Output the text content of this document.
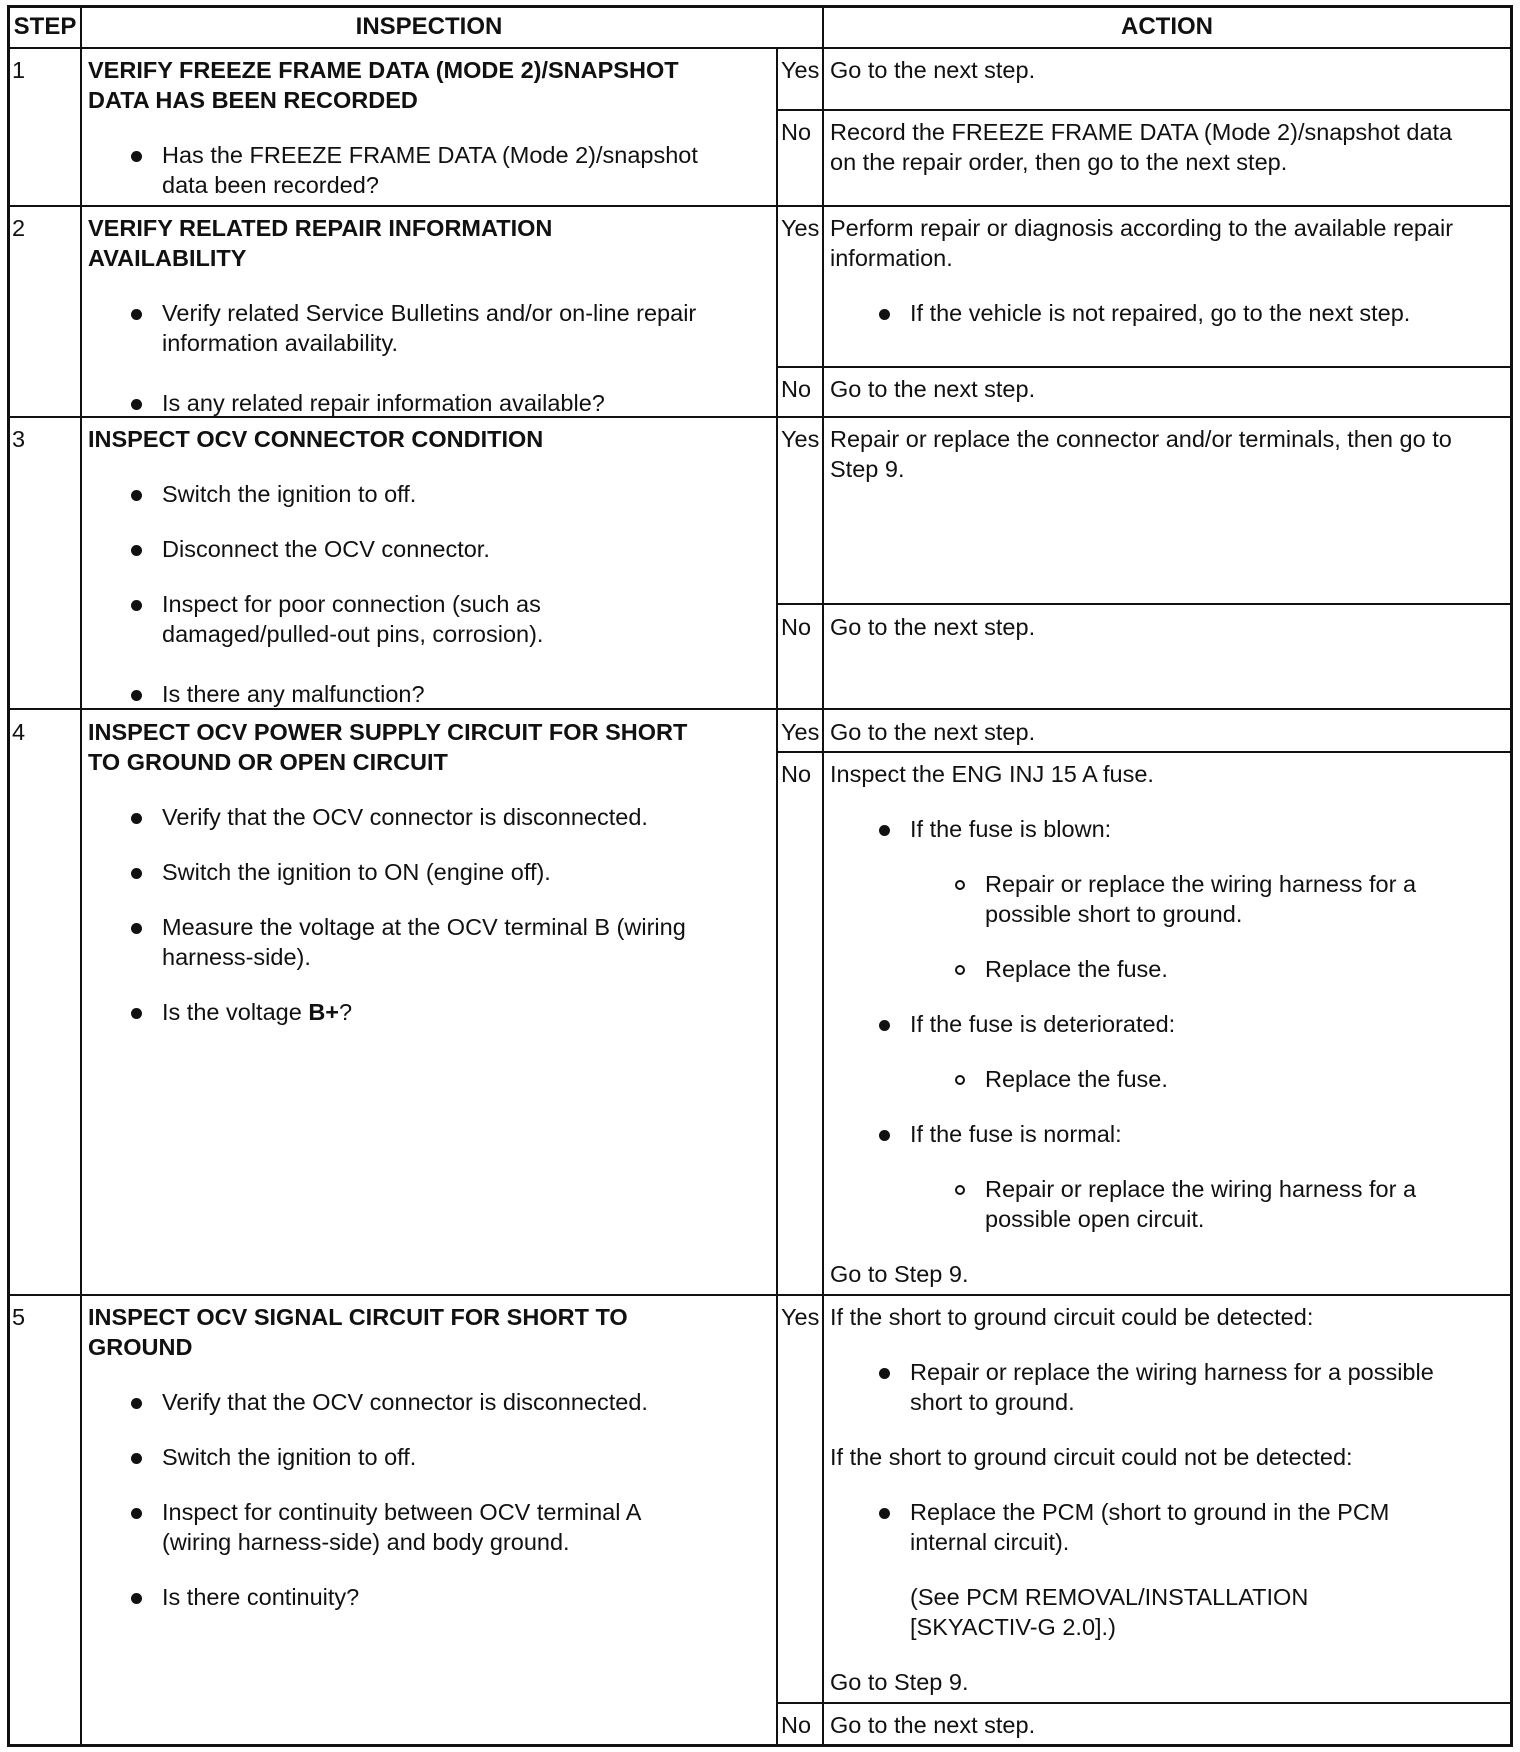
STEP	INSPECTION	ACTION
1	VERIFY FREEZE FRAME DATA (MODE 2)/SNAPSHOT
DATA HAS BEEN RECORDED
Has the FREEZE FRAME DATA (Mode 2)/snapshot
data been recorded?
Yes Go to the next step.
No Record the FREEZE FRAME DATA (Mode 2)/snapshot data
on the repair order, then go to the next step.
2	VERIFY RELATED REPAIR INFORMATION
AVAILABILITY
Verify related Service Bulletins and/or on-line repair
information availability.
Is any related repair information available?
Yes Perform repair or diagnosis according to the available repair
information.
If the vehicle is not repaired, go to the next step.
No Go to the next step.
3	INSPECT OCV CONNECTOR CONDITION
Switch the ignition to off.
Disconnect the OCV connector.
Inspect for poor connection (such as
damaged/pulled-out pins, corrosion).
Is there any malfunction?
Yes Repair or replace the connector and/or terminals, then go to
Step 9.
No Go to the next step.
4	INSPECT OCV POWER SUPPLY CIRCUIT FOR SHORT
TO GROUND OR OPEN CIRCUIT
Verify that the OCV connector is disconnected.
Switch the ignition to ON (engine off).
Measure the voltage at the OCV terminal B (wiring
harness-side).
Is the voltage B+?
Yes Go to the next step.
No Inspect the ENG INJ 15 A fuse.
If the fuse is blown:
Repair or replace the wiring harness for a
possible short to ground.
Replace the fuse.
If the fuse is deteriorated:
Replace the fuse.
If the fuse is normal:
Repair or replace the wiring harness for a
possible open circuit.
Go to Step 9.
5	INSPECT OCV SIGNAL CIRCUIT FOR SHORT TO
GROUND
Verify that the OCV connector is disconnected.
Switch the ignition to off.
Inspect for continuity between OCV terminal A
(wiring harness-side) and body ground.
Is there continuity?
Yes If the short to ground circuit could be detected:
Repair or replace the wiring harness for a possible
short to ground.
If the short to ground circuit could not be detected:
Replace the PCM (short to ground in the PCM
internal circuit).
(See PCM REMOVAL/INSTALLATION
[SKYACTIV-G 2.0].)
Go to Step 9.
No Go to the next step.
